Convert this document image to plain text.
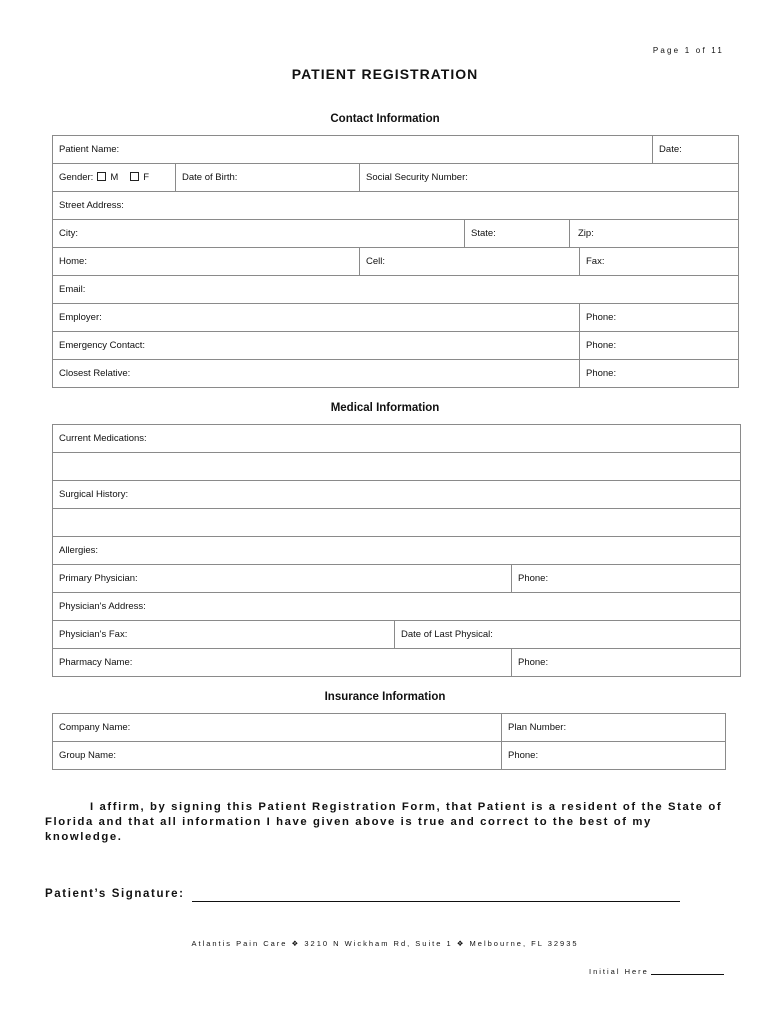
Page 1 of 11
PATIENT REGISTRATION
Contact Information
Patient Name:						Date:
Gender: M F	Date of Birth:	Social Security Number:				
Street Address:						
City:			State:	Zip:		
Home:		Cell:			Fax:	
Email:						
Employer:					Phone:	
Emergency Contact:					Phone:	
Closest Relative:					Phone:	
Medical Information
Current Medications:		

Surgical History:		

Allergies:		
Primary Physician:		Phone:
Physician's Address:		
Physician's Fax:	Date of Last Physical:	
Pharmacy Name:		Phone:
Insurance Information
Company Name:	Plan Number:
Group Name:	Phone:
I affirm, by signing this Patient Registration Form, that Patient is a resident of the State of Florida and that all information I have given above is true and correct to the best of my knowledge.
Patient’s Signature:
Atlantis Pain Care ❖ 3210 N Wickham Rd, Suite 1 ❖ Melbourne, FL 32935
Initial Here
